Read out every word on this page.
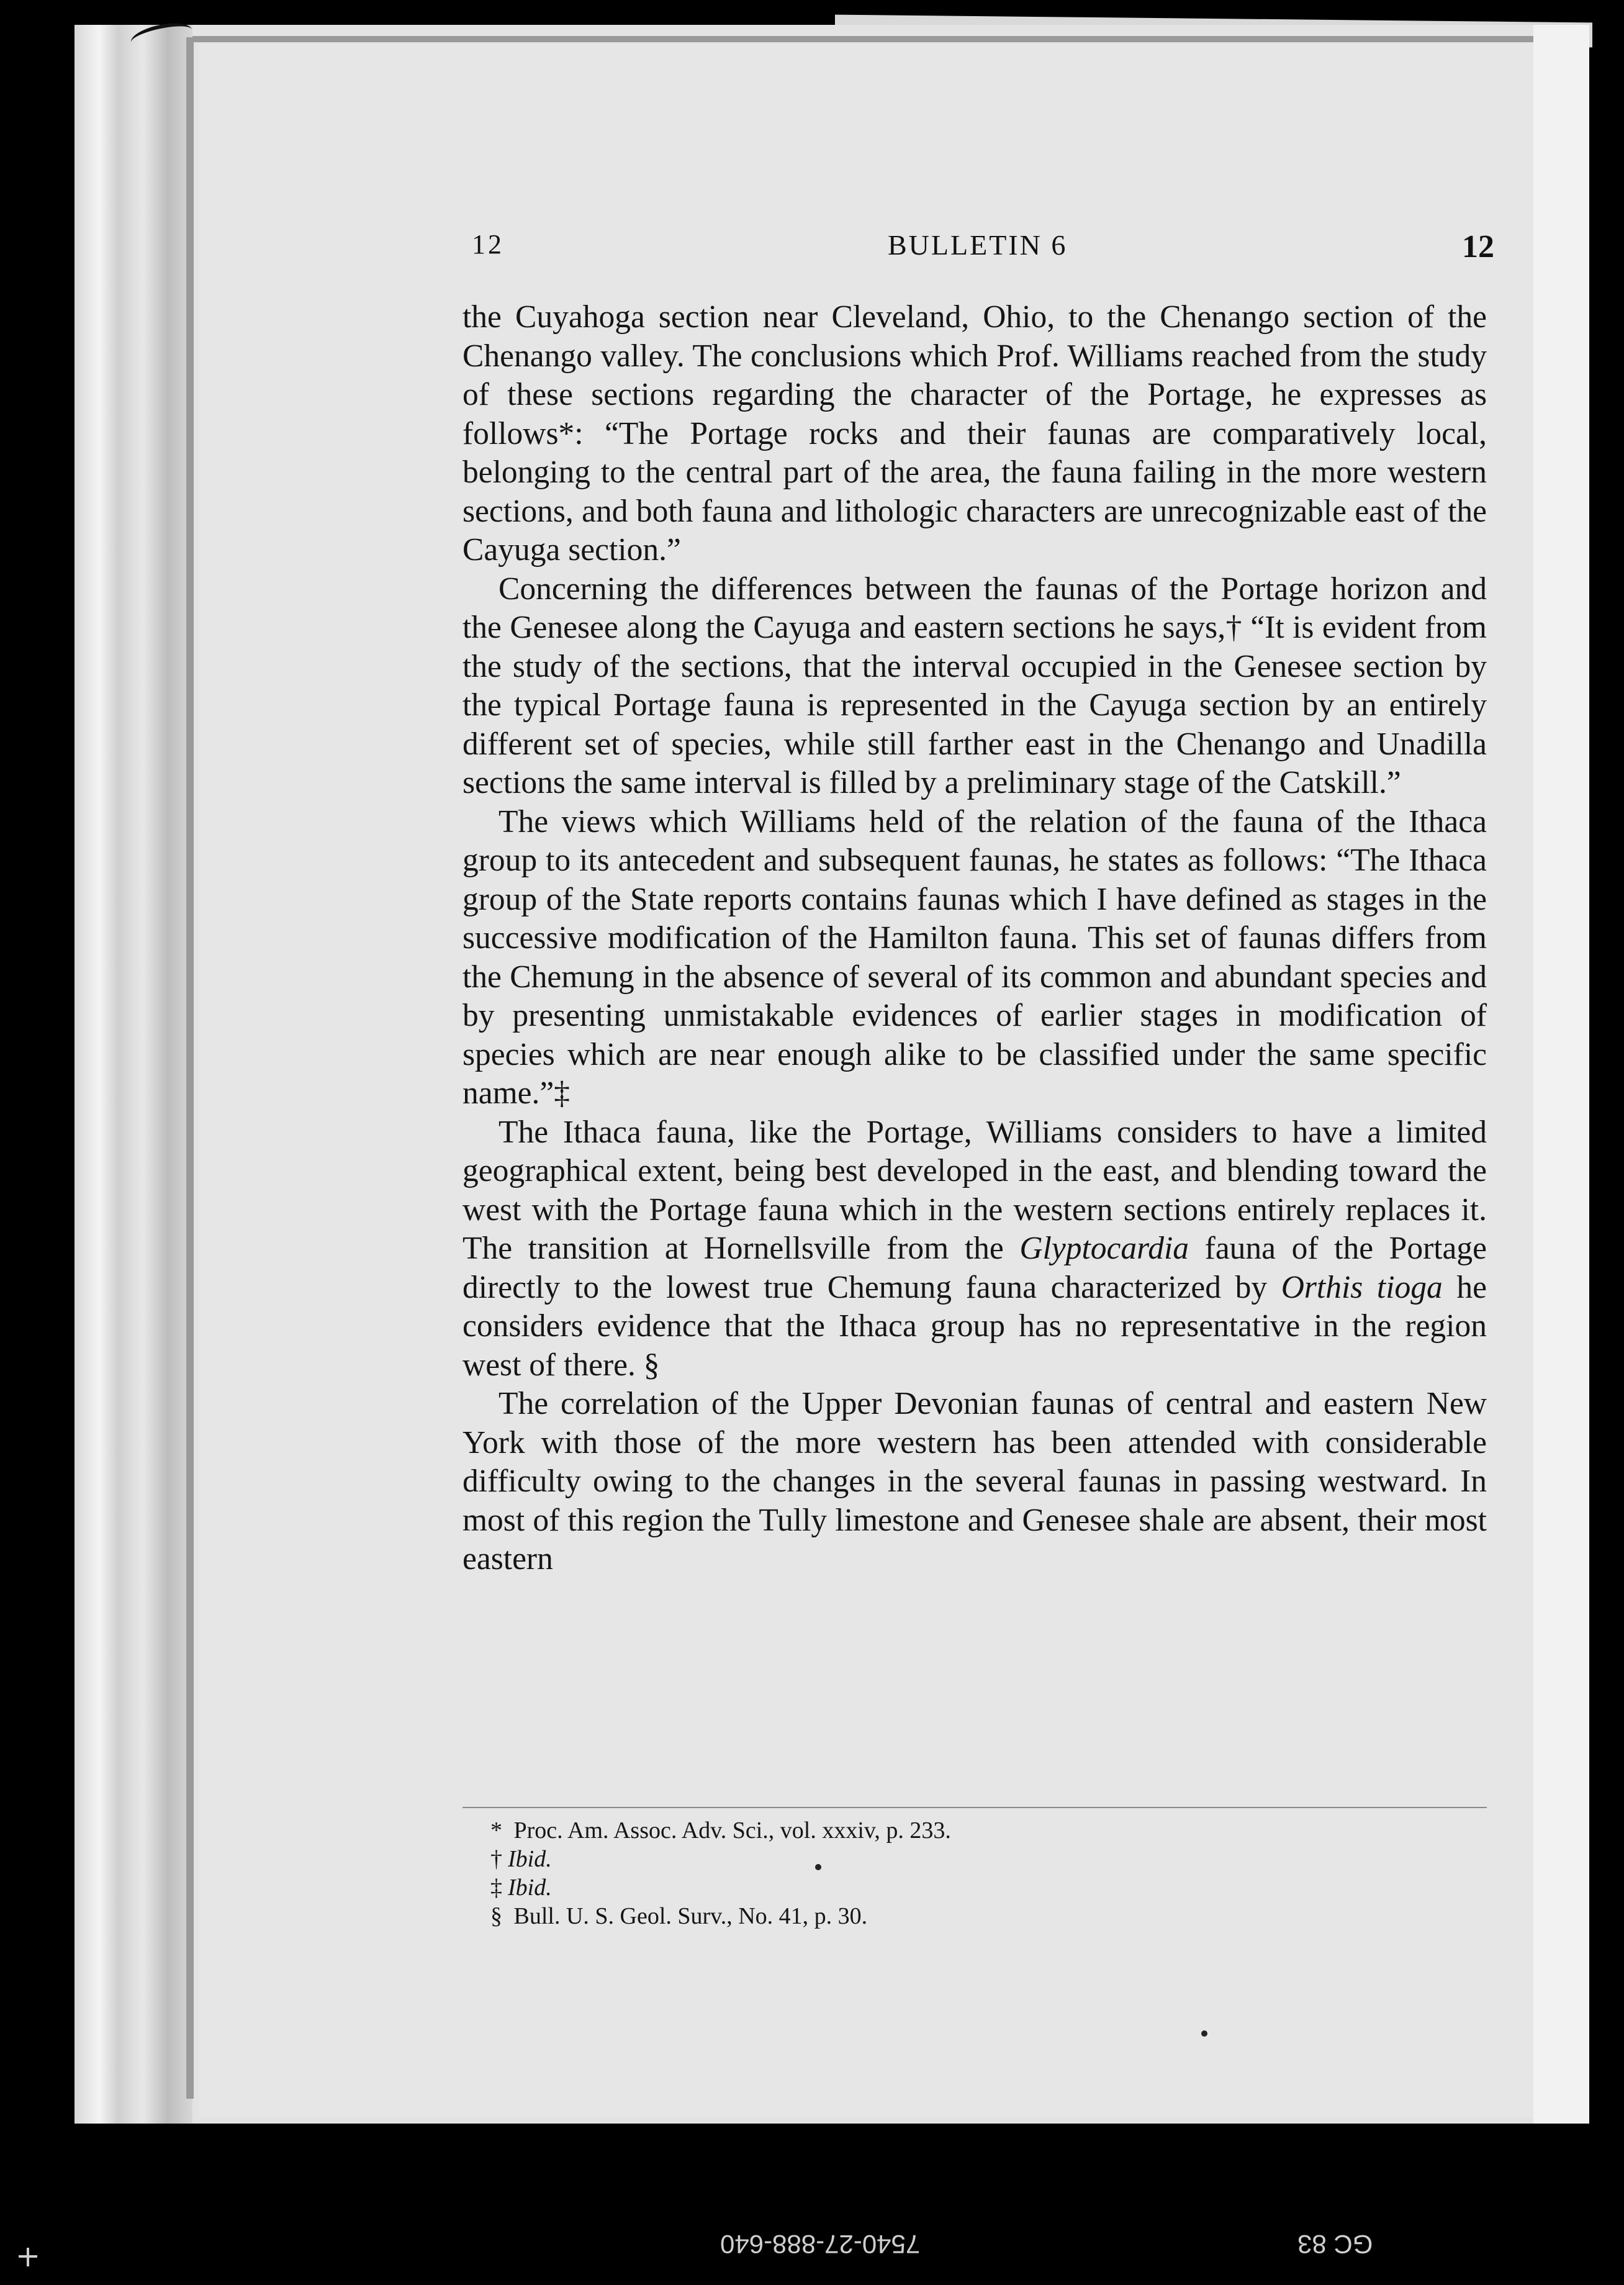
12	BULLETIN 6	12

the Cuyahoga section near Cleveland, Ohio, to the Chenango section of the Chenango valley. The conclusions which Prof. Williams reached from the study of these sections regarding the character of the Portage, he expresses as follows*: “The Portage rocks and their faunas are comparatively local, belonging to the central part of the area, the fauna failing in the more western sections, and both fauna and lithologic characters are unrecognizable east of the Cayuga section.”

Concerning the differences between the faunas of the Portage horizon and the Genesee along the Cayuga and eastern sections he says,† “It is evident from the study of the sections, that the interval occupied in the Genesee section by the typical Portage fauna is represented in the Cayuga section by an entirely different set of species, while still farther east in the Chenango and Unadilla sections the same interval is filled by a preliminary stage of the Catskill.”

The views which Williams held of the relation of the fauna of the Ithaca group to its antecedent and subsequent faunas, he states as follows: “The Ithaca group of the State reports contains faunas which I have defined as stages in the successive modification of the Hamilton fauna. This set of faunas differs from the Chemung in the absence of several of its common and abundant species and by presenting unmistakable evidences of earlier stages in modification of species which are near enough alike to be classified under the same specific name.”‡

The Ithaca fauna, like the Portage, Williams considers to have a limited geographical extent, being best developed in the east, and blending toward the west with the Portage fauna which in the western sections entirely replaces it. The transition at Hornellsville from the Glyptocardia fauna of the Portage directly to the lowest true Chemung fauna characterized by Orthis tioga he considers evidence that the Ithaca group has no representative in the region west of there. §

The correlation of the Upper Devonian faunas of central and eastern New York with those of the more western has been attended with considerable difficulty owing to the changes in the several faunas in passing westward. In most of this region the Tully limestone and Genesee shale are absent, their most eastern

* Proc. Am. Assoc. Adv. Sci., vol. xxxiv, p. 233.
† Ibid.
‡ Ibid.
§ Bull. U. S. Geol. Surv., No. 41, p. 30.
7540-27-888-640	GC 83
